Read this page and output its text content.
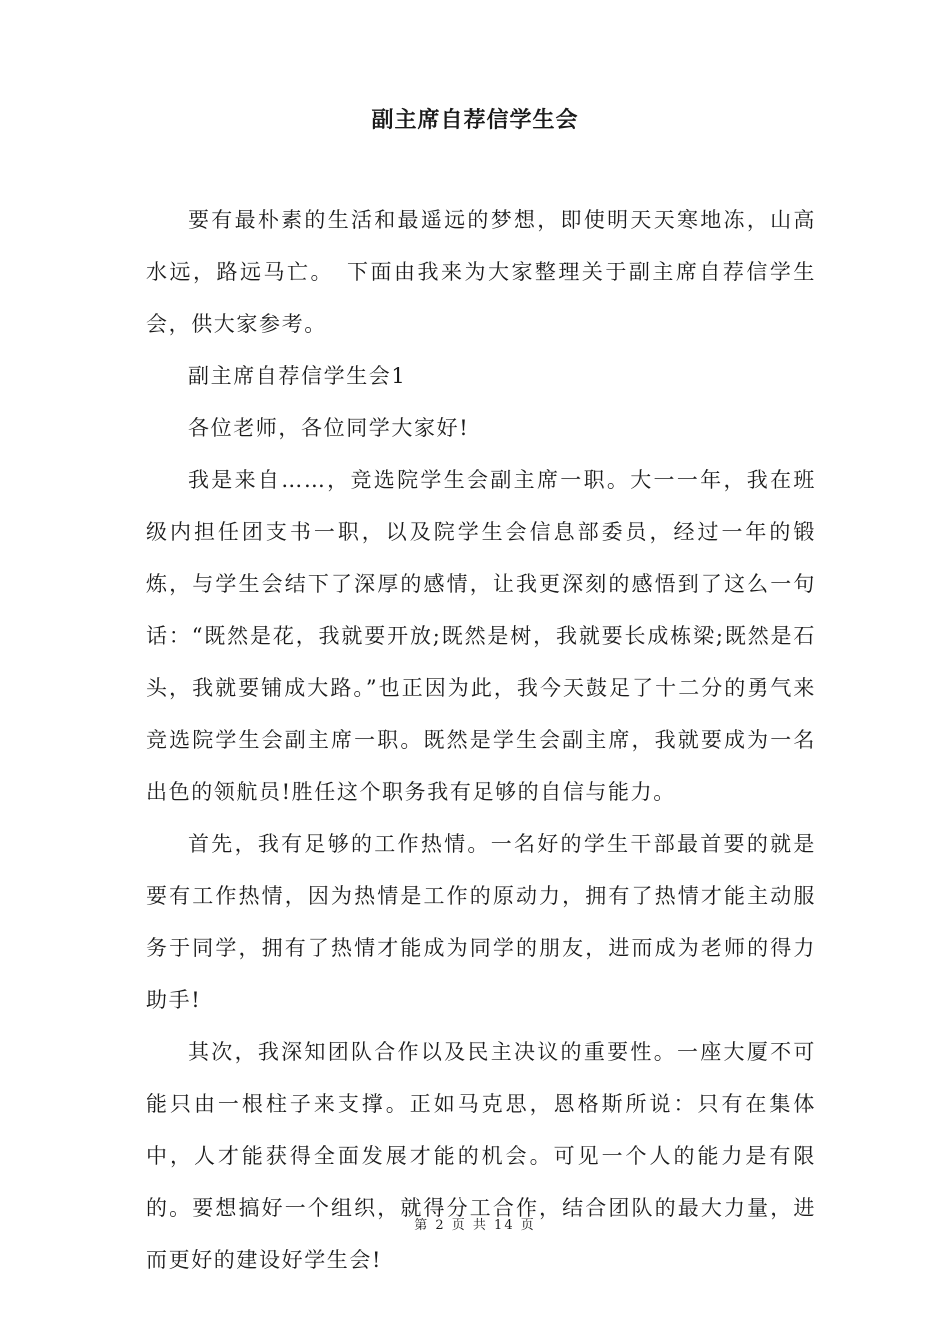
副主席自荐信学生会

要有最朴素的生活和最遥远的梦想，即使明天天寒地冻，山高水远，路远马亡。　下面由我来为大家整理关于副主席自荐信学生会，供大家参考。

副主席自荐信学生会1

各位老师，各位同学大家好!

我是来自……，竞选院学生会副主席一职。大一一年，我在班级内担任团支书一职，以及院学生会信息部委员，经过一年的锻炼，与学生会结下了深厚的感情，让我更深刻的感悟到了这么一句话：“既然是花，我就要开放;既然是树，我就要长成栋梁;既然是石头，我就要铺成大路。”也正因为此，我今天鼓足了十二分的勇气来竞选院学生会副主席一职。既然是学生会副主席，我就要成为一名出色的领航员!胜任这个职务我有足够的自信与能力。

首先，我有足够的工作热情。一名好的学生干部最首要的就是要有工作热情，因为热情是工作的原动力，拥有了热情才能主动服务于同学，拥有了热情才能成为同学的朋友，进而成为老师的得力助手!

其次，我深知团队合作以及民主决议的重要性。一座大厦不可能只由一根柱子来支撑。正如马克思，恩格斯所说：只有在集体中，人才能获得全面发展才能的机会。可见一个人的能力是有限的。要想搞好一个组织，就得分工合作，结合团队的最大力量，进而更好的建设好学生会!

第 2 页 共 14 页
